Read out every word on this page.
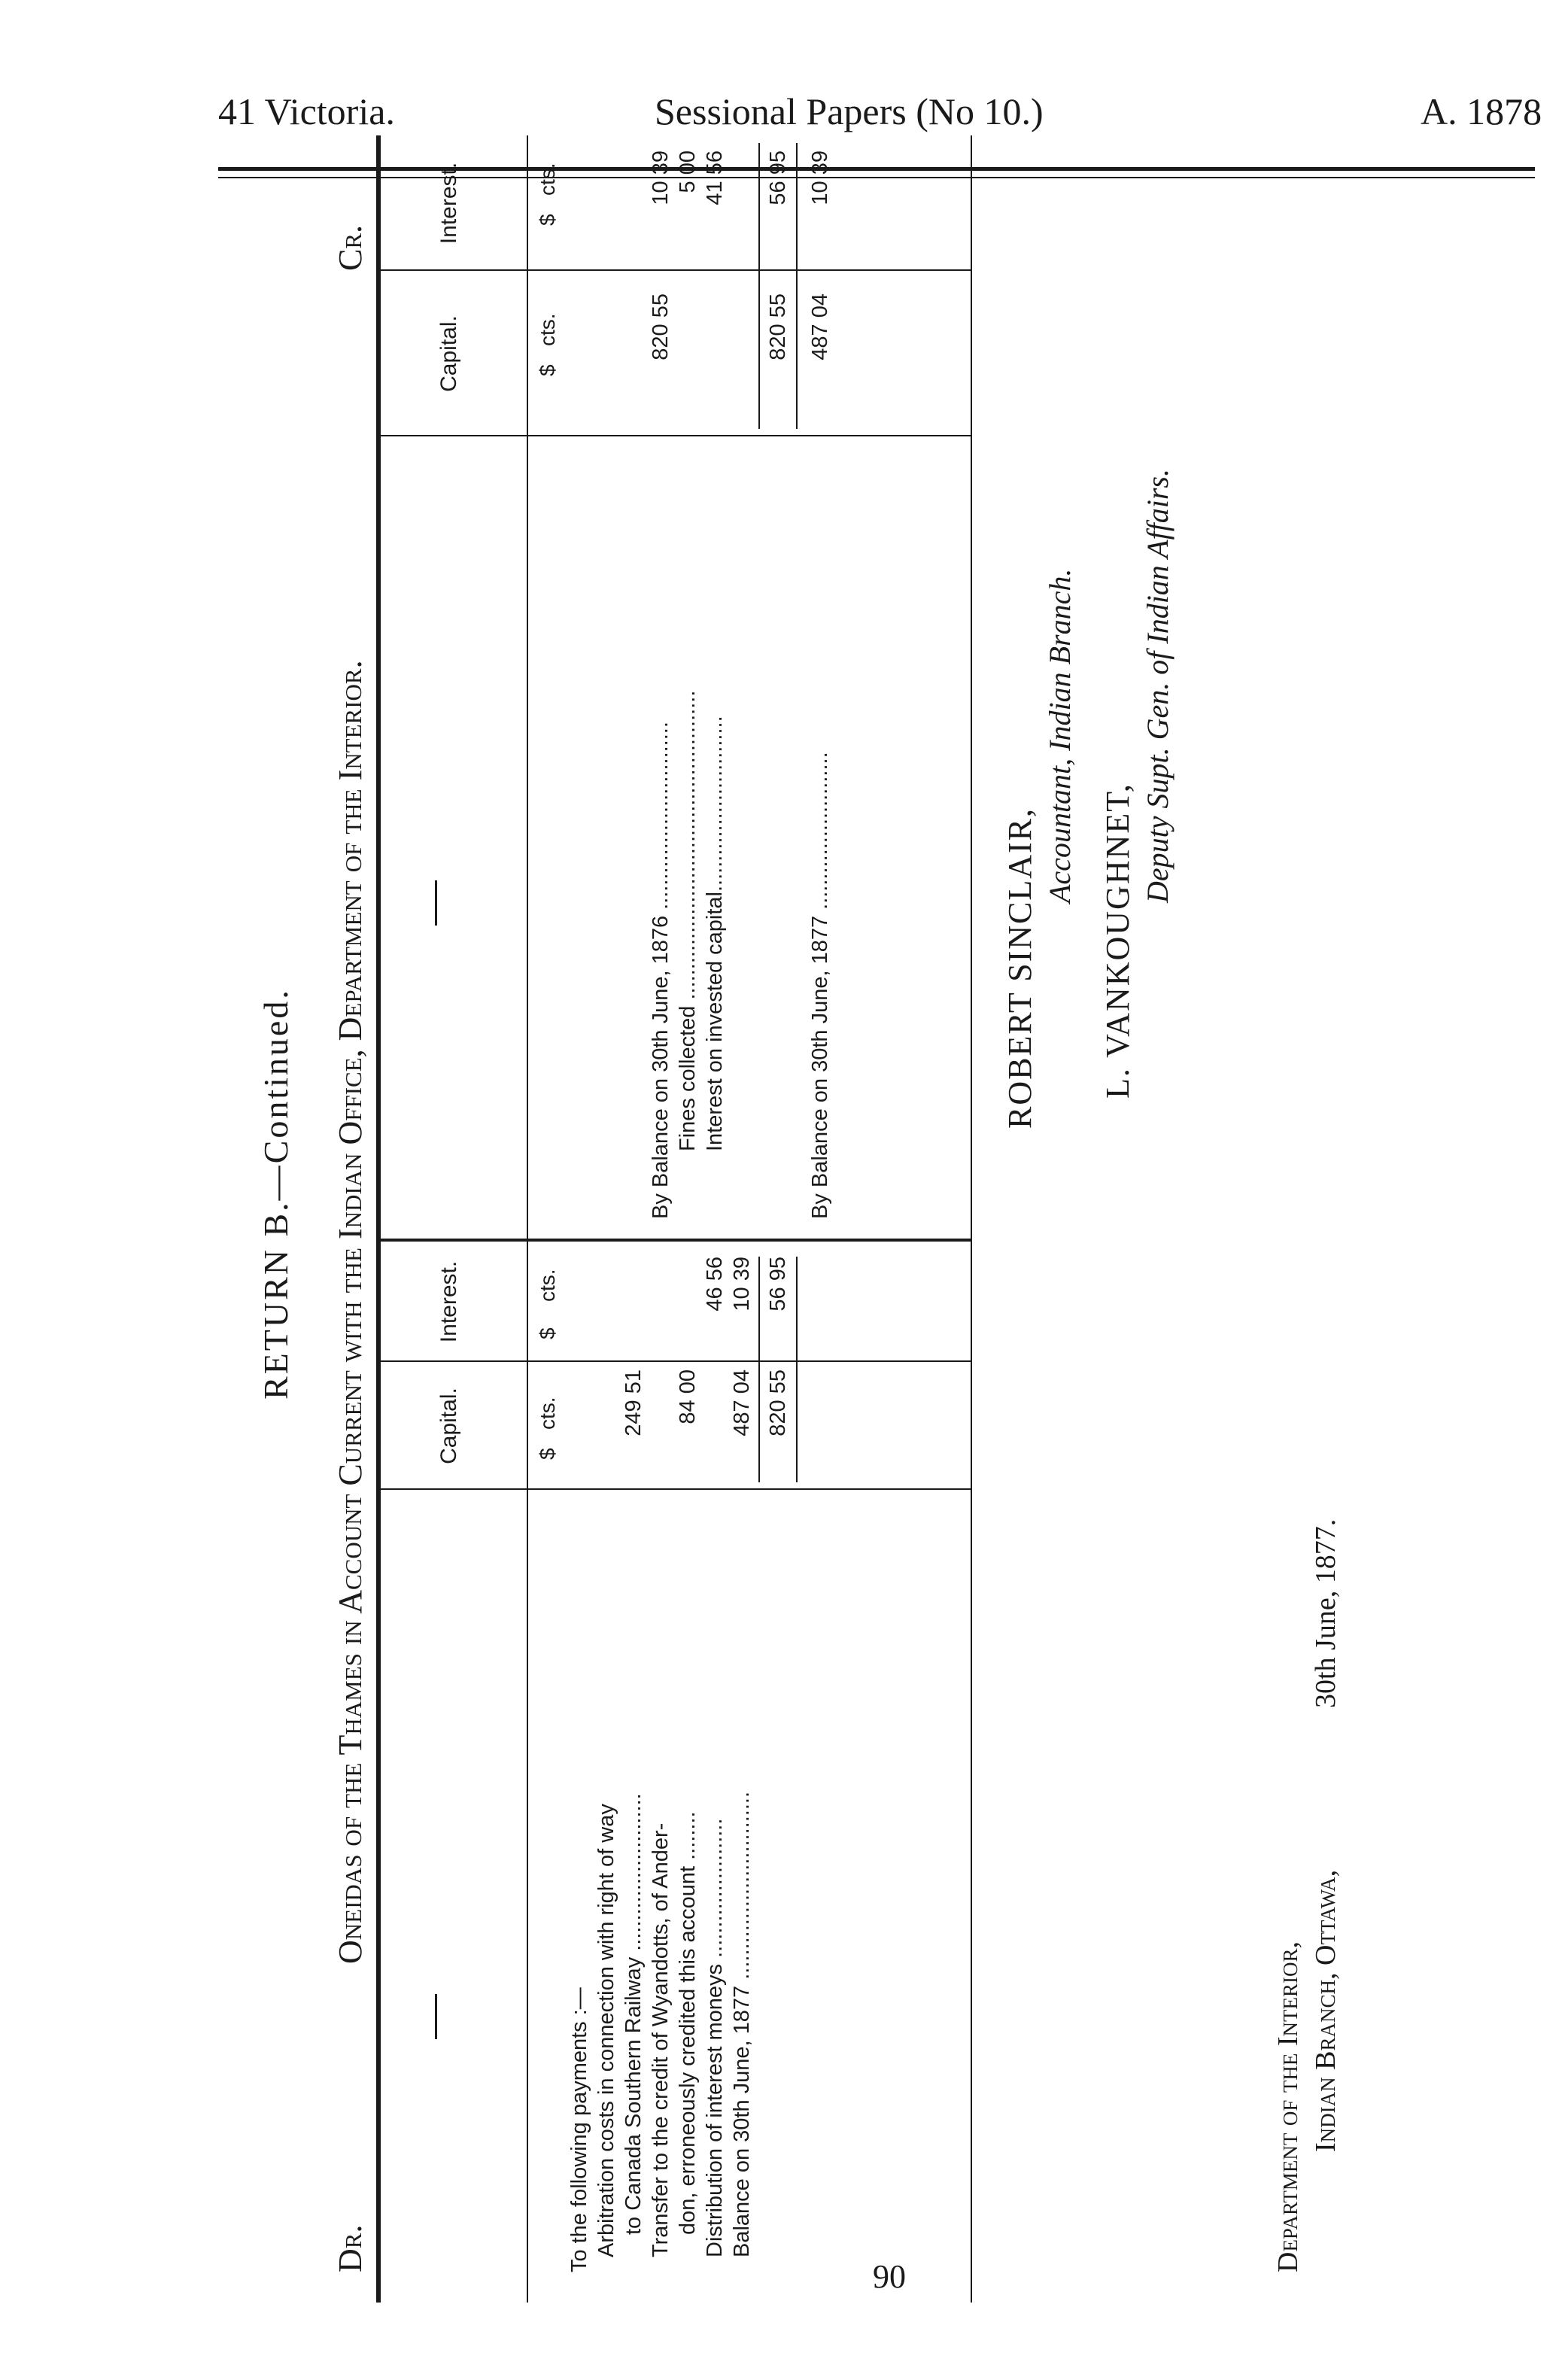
41 Victoria.	Sessional Papers (No 10.)	A. 1878
RETURN B.—Continued.
Dr.
Oneidas of the Thames in Account Current with the Indian Office, Department of the Interior.
Cr.
Capital.
Interest.
Capital.
Interest.
$
cts.
$
cts.
$
cts.
$
cts.
To the following payments :— Arbitration costs in connection with right of way to Canada Southern Railway ..........................
249 51
Transfer to the credit of Wyandotts, of Ander- don, erroneously credited this account ........
84 00
Distribution of interest moneys .......................
46 56
Balance on 30th June, 1877 ...............................
487 04
10 39
820 55
56 95
By Balance on 30th June, 1876 ...............................
820 55
10 39
Fines collected ...................................................
5 00
Interest on invested capital.............................
41 56
820 55
56 95
By Balance on 30th June, 1877 ..........................
487 04
10 39
ROBERT SINCLAIR,
Accountant, Indian Branch.
L. VANKOUGHNET,
Deputy Supt. Gen. of Indian Affairs.
Department of the Interior, Indian Branch, Ottawa,
30th June, 1877.
90
